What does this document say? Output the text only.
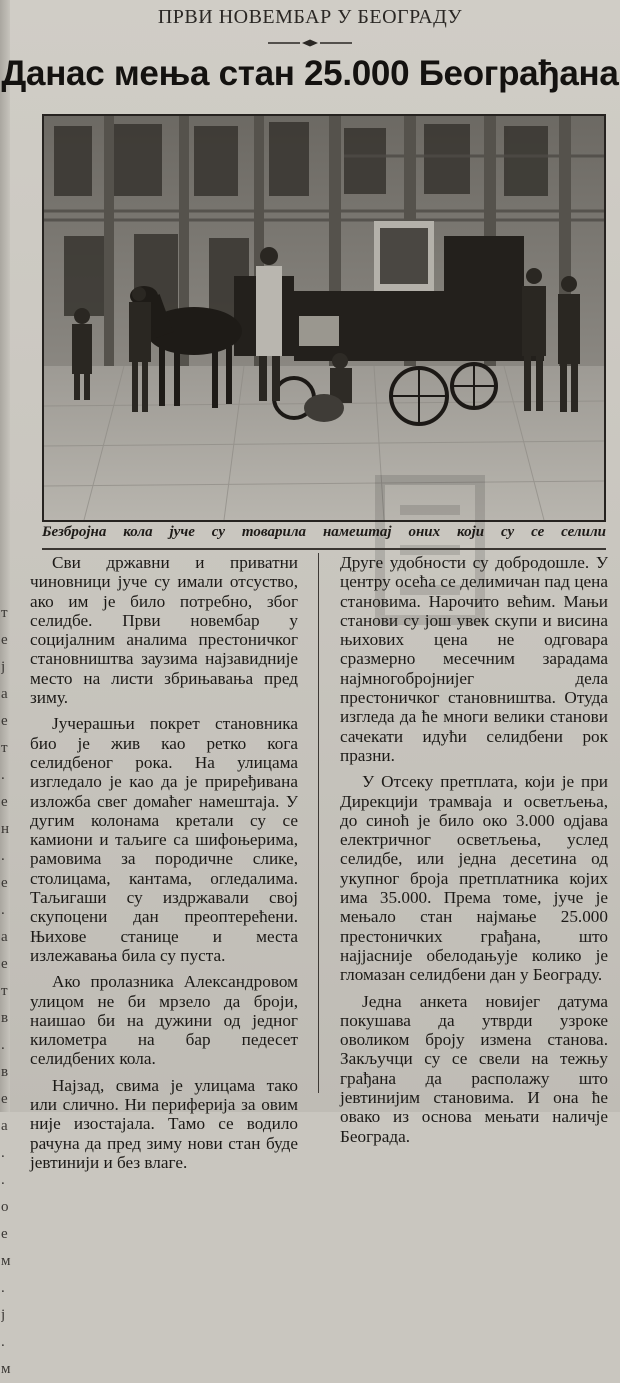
т е ј а е т . е н . е . а е т в . в е а . . о е м . ј . м
ПРВИ НОВЕМБАР У БЕОГРАДУ
Данас мења стан 25.000 Београђана
Безбројна кола јуче су товарила намештај оних који су се селили

Сви државни и приватни чиновници јуче су имали отсуство, ако им је било потребно, због селидбе. Први новембар у социјалним аналима престоничког становништва заузима најзавидније место на листи збрињавања пред зиму.

Јучерашњи покрет становника био је жив као ретко кога селидбеног рока. На улицама изгледало је као да је приређивана изложба свег домаћег намештаја. У дугим колонама кретали су се камиони и таљиге са шифоњерима, рамовима за породичне слике, столицама, кантама, огледалима. Таљигаши су издржавали свој скупоцени дан преоптерећени. Њихове станице и места излежавања била су пуста.

Ако пролазника Александровом улицом не би мрзело да броји, наишао би на дужини од једног километра на бар педесет селидбених кола.

Најзад, свима је улицама тако или слично. Ни периферија за овим није изостајала. Тамо се водило рачуна да пред зиму нови стан буде јевтинији и без влаге.

Друге удобности су добродошле. У центру осећа се делимичан пад цена становима. Нарочито већим. Мањи станови су још увек скупи и висина њихових цена не одговара сразмерно месечним зарадама најмногобројнијег дела престоничког становништва. Отуда изгледа да ће многи велики станови сачекати идући селидбени рок празни.

У Отсеку претплата, који је при Дирекцији трамваја и осветљења, до синоћ је било око 3.000 одјава електричног осветљења, услед селидбе, или једна десетина од укупног броја претплатника којих има 35.000. Према томе, јуче је мењало стан најмање 25.000 престоничких грађана, што најјасније обелодањује колико је гломазан селидбени дан у Београду.

Једна анкета новијег датума покушава да утврди узроке оволиком броју измена станова. Закључци су се свели на тежњу грађана да располажу што јевтинијим становима. И она ће овако из основа мењати наличје Београда.
